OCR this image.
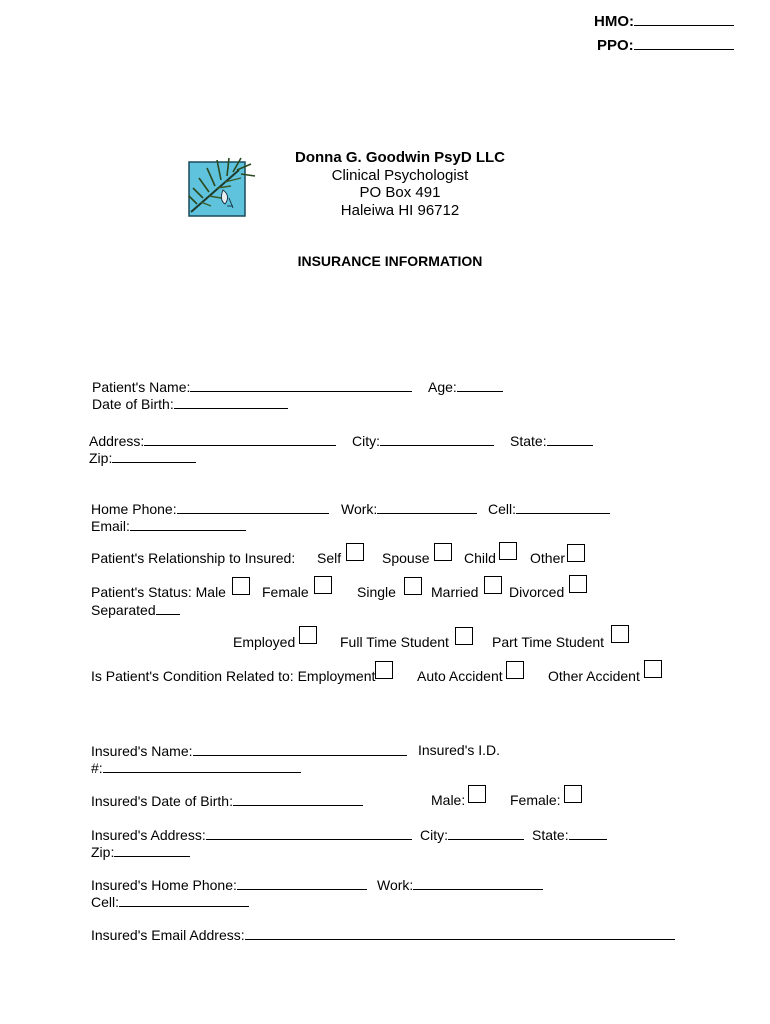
HMO:
PPO:
Donna G. Goodwin PsyD LLC
Clinical Psychologist
PO Box 491
Haleiwa HI 96712
INSURANCE INFORMATION
Patient's Name:	Age:
Date of Birth:
Address:	City:	State:
Zip:
Home Phone:	Work:	Cell:
Email:
Patient's Relationship to Insured: Self	Spouse Child Other
Patient's Status: Male	Female	Single	Married Divorced
Separated
Employed	Full Time Student	Part Time Student
Is Patient's Condition Related to: Employment	Auto Accident	Other Accident
Insured's Name:	Insured's I.D.
#:
Insured's Date of Birth:	Male:	Female:
Insured's Address:	City:	State:
Zip:
Insured's Home Phone:	Work:
Cell:
Insured's Email Address:
